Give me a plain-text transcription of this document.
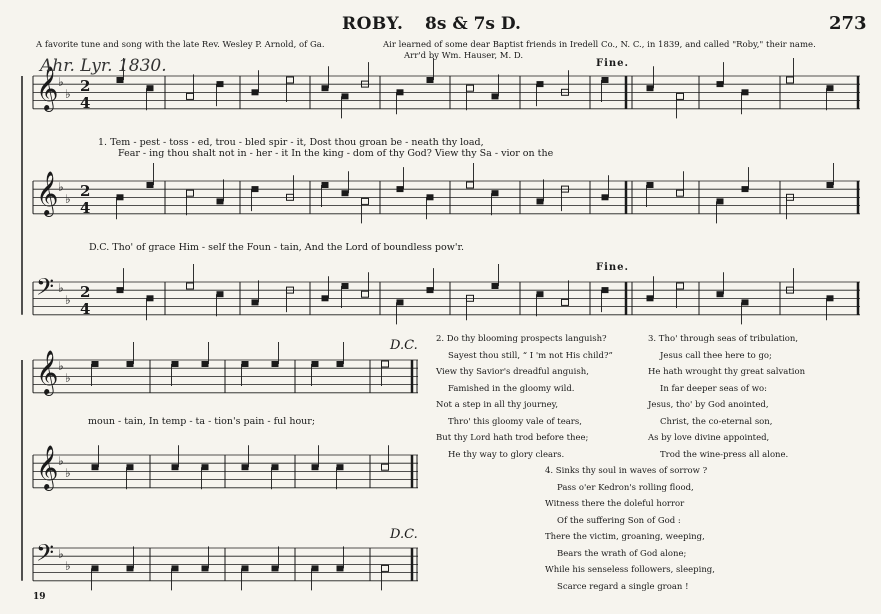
𝄞 ♭
♭ 2
4
𝄞 ♭
♭ 2
4
𝄢 ♭
♭ 2
4
𝄞 ♭
♭
𝄞 ♭
♭
𝄢 ♭
♭
ROBY. 8s & 7s D.	273
A favorite tune and song with the late Rev. Wesley P. Arnold, of Ga.	Air learned of some dear Baptist friends in Iredell Co., N. C., in 1839, and called "Roby," their name.
Arr'd by Wm. Hauser, M. D.
Ahr. Lyr. 1830.	Fine.
Fine.
D.C.
D.C.
1. Tem - pest - toss - ed, trou - bled spir - it, Dost thou groan be - neath thy load,
Fear - ing thou shalt not in - her - it In the king - dom of thy God? View thy Sa - vior on the
D.C. Tho' of grace Him - self the Foun - tain, And the Lord of boundless pow'r.
moun - tain, In temp - ta - tion's pain - ful hour;
2. Do thy blooming prospects languish?
Sayest thou still, “ I 'm not His child?”
View thy Savior's dreadful anguish,
Famished in the gloomy wild.
Not a step in all thy journey,
Thro' this gloomy vale of tears,
But thy Lord hath trod before thee;
He thy way to glory clears.
3. Tho' through seas of tribulation,
Jesus call thee here to go;
He hath wrought thy great salvation
In far deeper seas of wo:
Jesus, tho' by God anointed,
Christ, the co-eternal son,
As by love divine appointed,
Trod the wine-press all alone.
4. Sinks thy soul in waves of sorrow ?
Pass o'er Kedron's rolling flood,
Witness there the doleful horror
Of the suffering Son of God :
There the victim, groaning, weeping,
Bears the wrath of God alone;
While his senseless followers, sleeping,
Scarce regard a single groan !
19
